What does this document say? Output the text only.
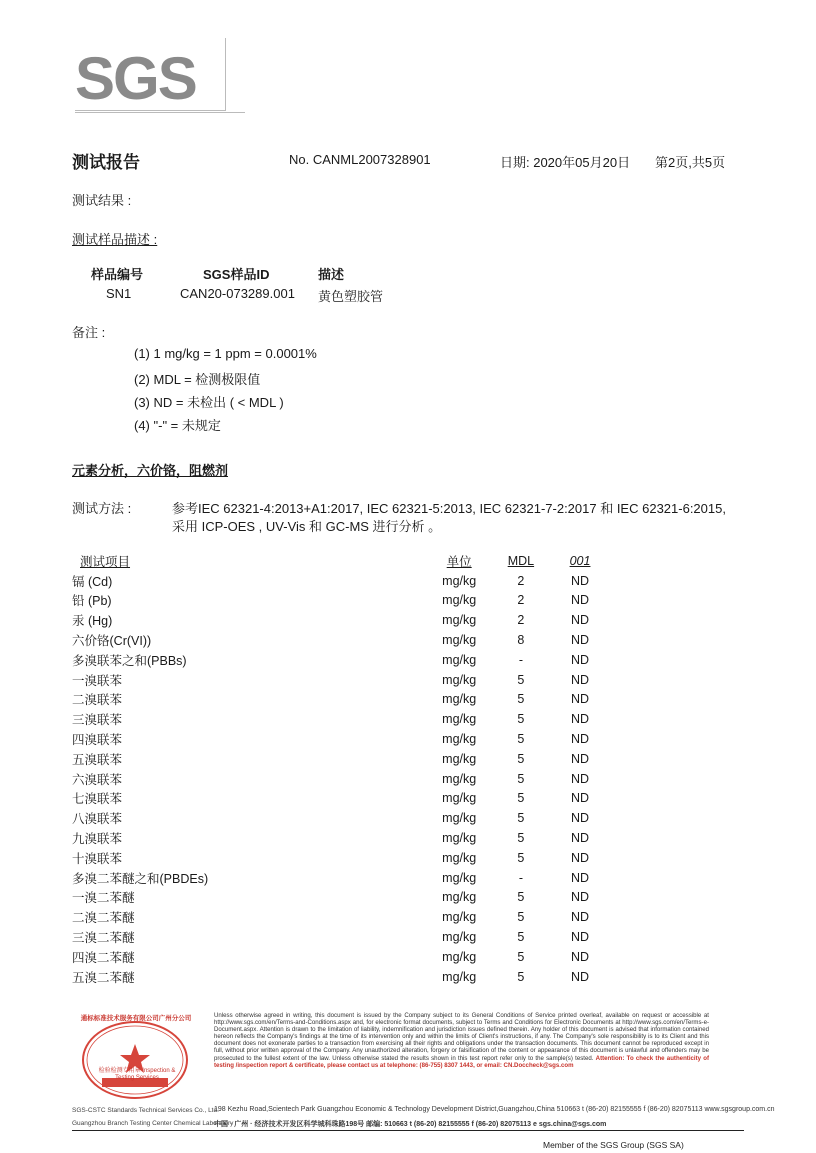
SGS
测试报告	No. CANML2007328901	日期: 2020年05月20日 第2页,共5页
测试结果 :
测试样品描述 :
样品编号	SGS样品ID	描述
SN1	CAN20-073289.001 黄色塑胶管
备注 :
(1) 1 mg/kg = 1 ppm = 0.0001%
(2) MDL = 检测极限值
(3) ND = 未检出 ( < MDL )
(4) "-" = 未规定
元素分析，六价铬，阻燃剂
测试方法 :	参考IEC 62321-4:2013+A1:2017, IEC 62321-5:2013, IEC 62321-7-2:2017 和 IEC 62321-6:2015,
采用 ICP-OES , UV-Vis 和 GC-MS 进行分析 。
测试项目	单位	MDL	001
镉 (Cd)	mg/kg	2	ND
铅 (Pb)	mg/kg	2	ND
汞 (Hg)	mg/kg	2	ND
六价铬(Cr(VI))	mg/kg	8	ND
多溴联苯之和(PBBs)	mg/kg	-	ND
一溴联苯	mg/kg	5	ND
二溴联苯	mg/kg	5	ND
三溴联苯	mg/kg	5	ND
四溴联苯	mg/kg	5	ND
五溴联苯	mg/kg	5	ND
六溴联苯	mg/kg	5	ND
七溴联苯	mg/kg	5	ND
八溴联苯	mg/kg	5	ND
九溴联苯	mg/kg	5	ND
十溴联苯	mg/kg	5	ND
多溴二苯醚之和(PBDEs)	mg/kg	-	ND
一溴二苯醚	mg/kg	5	ND
二溴二苯醚	mg/kg	5	ND
三溴二苯醚	mg/kg	5	ND
四溴二苯醚	mg/kg	5	ND
五溴二苯醚	mg/kg	5	ND
检验检测专用章 Inspection & Testing Services
通标标准技术服务有限公司广州分公司	Unless otherwise agreed in writing, this document is issued by the Company subject to its General Conditions of Service printed overleaf, available on request or accessible at http://www.sgs.com/en/Terms-and-Conditions.aspx and, for electronic format documents, subject to Terms and Conditions for Electronic Documents at http://www.sgs.com/en/Terms-e-Document.aspx. Attention is drawn to the limitation of liability, indemnification and jurisdiction issues defined therein. Any holder of this document is advised that information contained hereon reflects the Company's findings at the time of its intervention only and within the limits of Client's instructions, if any. The Company's sole responsibility is to its Client and this document does not exonerate parties to a transaction from exercising all their rights and obligations under the transaction documents. This document cannot be reproduced except in full, without prior written approval of the Company. Any unauthorized alteration, forgery or falsification of the content or appearance of this document is unlawful and offenders may be prosecuted to the fullest extent of the law. Unless otherwise stated the results shown in this test report refer only to the sample(s) tested. Attention: To check the authenticity of testing /inspection report & certificate, please contact us at telephone: (86-755) 8307 1443, or email: CN.Doccheck@sgs.com
SGS-CSTC Standards Technical Services Co., Ltd.
Guangzhou Branch Testing Center Chemical Laboratory
198 Kezhu Road,Scientech Park Guangzhou Economic & Technology Development District,Guangzhou,China 510663 t (86-20) 82155555 f (86-20) 82075113 www.sgsgroup.com.cn
中国 · 广州 · 经济技术开发区科学城科珠路198号 邮编: 510663 t (86-20) 82155555 f (86-20) 82075113 e sgs.china@sgs.com
Member of the SGS Group (SGS SA)
